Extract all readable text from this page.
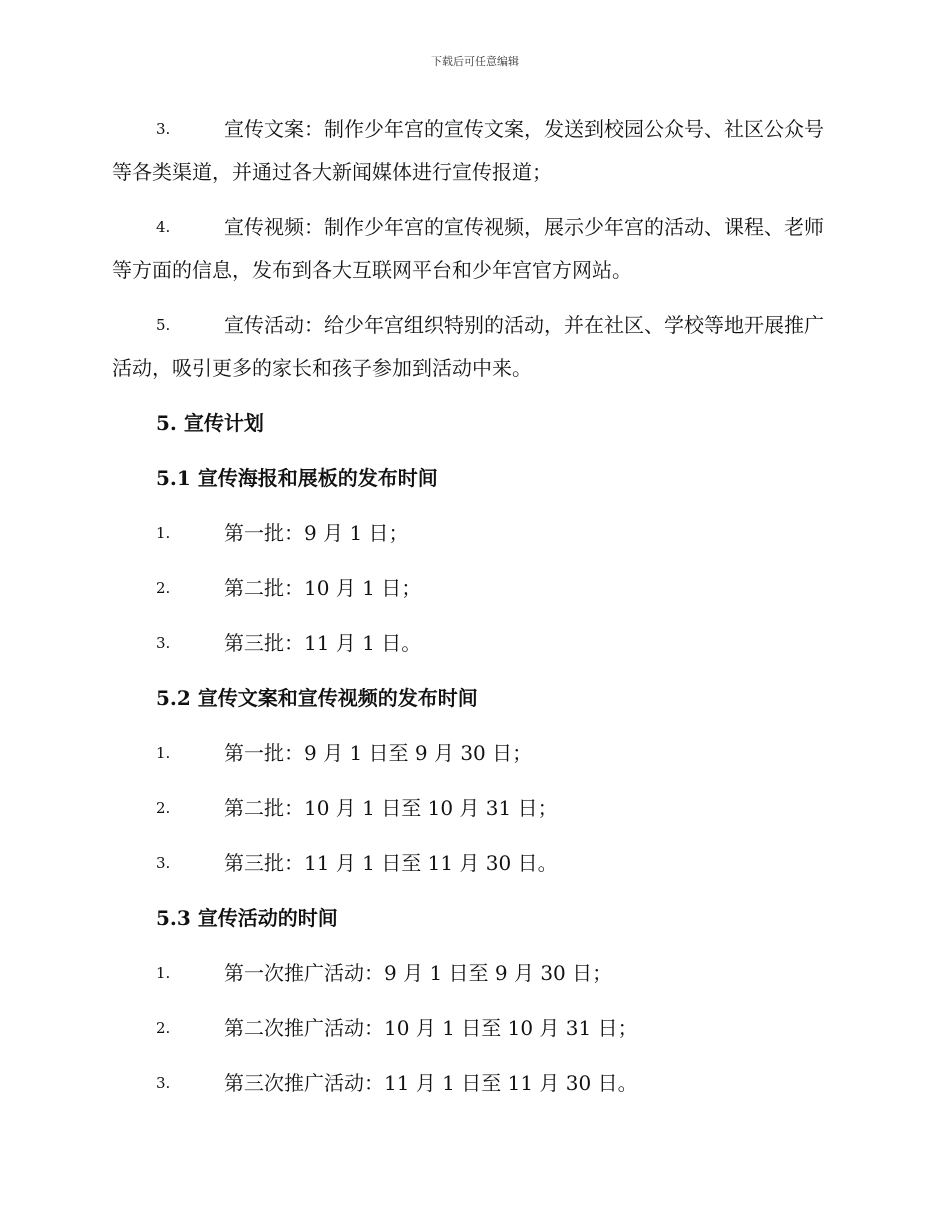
下载后可任意编辑
3.	宣传文案：制作少年宫的宣传文案，发送到校园公众号、社区公众号等各类渠道，并通过各大新闻媒体进行宣传报道；
4.	宣传视频：制作少年宫的宣传视频，展示少年宫的活动、课程、老师等方面的信息，发布到各大互联网平台和少年宫官方网站。
5.	宣传活动：给少年宫组织特别的活动，并在社区、学校等地开展推广活动，吸引更多的家长和孩子参加到活动中来。
5. 宣传计划
5.1 宣传海报和展板的发布时间
1.	第一批：9 月 1 日；
2.	第二批：10 月 1 日；
3.	第三批：11 月 1 日。
5.2 宣传文案和宣传视频的发布时间
1.	第一批：9 月 1 日至 9 月 30 日；
2.	第二批：10 月 1 日至 10 月 31 日；
3.	第三批：11 月 1 日至 11 月 30 日。
5.3 宣传活动的时间
1.	第一次推广活动：9 月 1 日至 9 月 30 日；
2.	第二次推广活动：10 月 1 日至 10 月 31 日；
3.	第三次推广活动：11 月 1 日至 11 月 30 日。
